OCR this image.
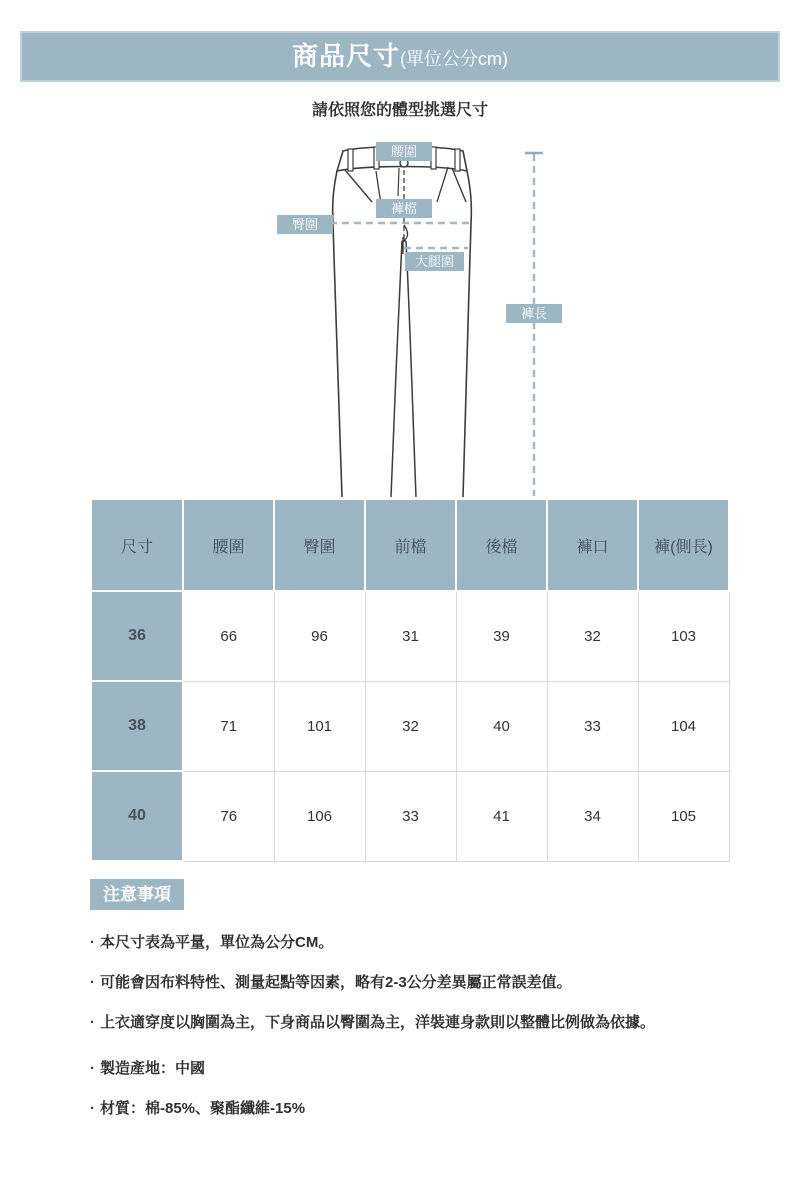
商品尺寸 (單位公分cm)
請依照您的體型挑選尺寸
腰圍
褲檔
臀圍
大腿圍
褲長
尺寸	腰圍	臀圍	前檔	後檔	褲口	褲(側長)
36	66	96	31	39	32	103
38	71	101	32	40	33	104
40	76	106	33	41	34	105
注意事項
· 本尺寸表為平量，單位為公分CM。
· 可能會因布料特性、測量起點等因素，略有2-3公分差異屬正常誤差值。
· 上衣適穿度以胸圍為主，下身商品以臀圍為主，洋裝連身款則以整體比例做為依據。
· 製造產地：中國
· 材質：棉-85%、聚酯纖維-15%
